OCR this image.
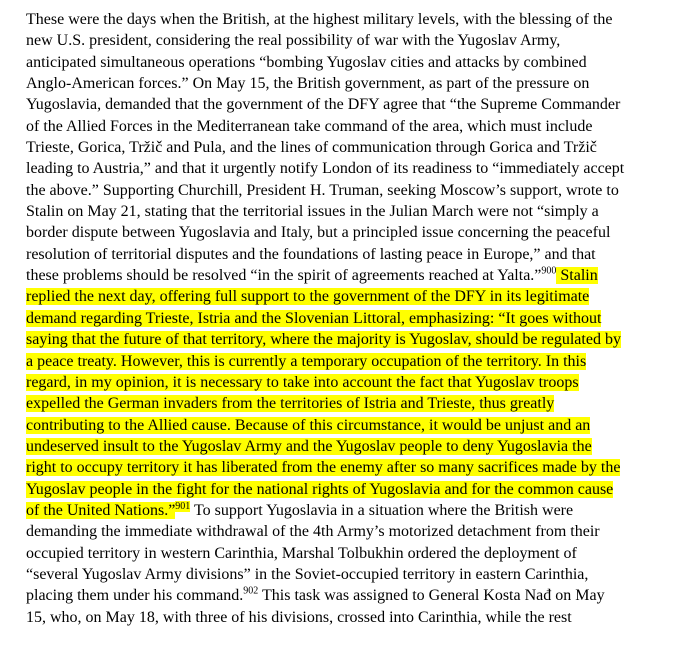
These were the days when the British, at the highest military levels, with the blessing of the
new U.S. president, considering the real possibility of war with the Yugoslav Army,
anticipated simultaneous operations “bombing Yugoslav cities and attacks by combined
Anglo-American forces.” On May 15, the British government, as part of the pressure on
Yugoslavia, demanded that the government of the DFY agree that “the Supreme Commander
of the Allied Forces in the Mediterranean take command of the area, which must include
Trieste, Gorica, Tržič and Pula, and the lines of communication through Gorica and Tržič
leading to Austria,” and that it urgently notify London of its readiness to “immediately accept
the above.” Supporting Churchill, President H. Truman, seeking Moscow’s support, wrote to
Stalin on May 21, stating that the territorial issues in the Julian March were not “simply a
border dispute between Yugoslavia and Italy, but a principled issue concerning the peaceful
resolution of territorial disputes and the foundations of lasting peace in Europe,” and that
these problems should be resolved “in the spirit of agreements reached at Yalta.”$^{900}$ Stalin
replied the next day, offering full support to the government of the DFY in its legitimate
demand regarding Trieste, Istria and the Slovenian Littoral, emphasizing: “It goes without
saying that the future of that territory, where the majority is Yugoslav, should be regulated by
a peace treaty. However, this is currently a temporary occupation of the territory. In this
regard, in my opinion, it is necessary to take into account the fact that Yugoslav troops
expelled the German invaders from the territories of Istria and Trieste, thus greatly
contributing to the Allied cause. Because of this circumstance, it would be unjust and an
undeserved insult to the Yugoslav Army and the Yugoslav people to deny Yugoslavia the
right to occupy territory it has liberated from the enemy after so many sacrifices made by the
Yugoslav people in the fight for the national rights of Yugoslavia and for the common cause
of the United Nations.”$^{901}$ To support Yugoslavia in a situation where the British were
demanding the immediate withdrawal of the 4th Army’s motorized detachment from their
occupied territory in western Carinthia, Marshal Tolbukhin ordered the deployment of
“several Yugoslav Army divisions” in the Soviet-occupied territory in eastern Carinthia,
placing them under his command.$^{902}$ This task was assigned to General Kosta Nađ on May
15, who, on May 18, with three of his divisions, crossed into Carinthia, while the rest
